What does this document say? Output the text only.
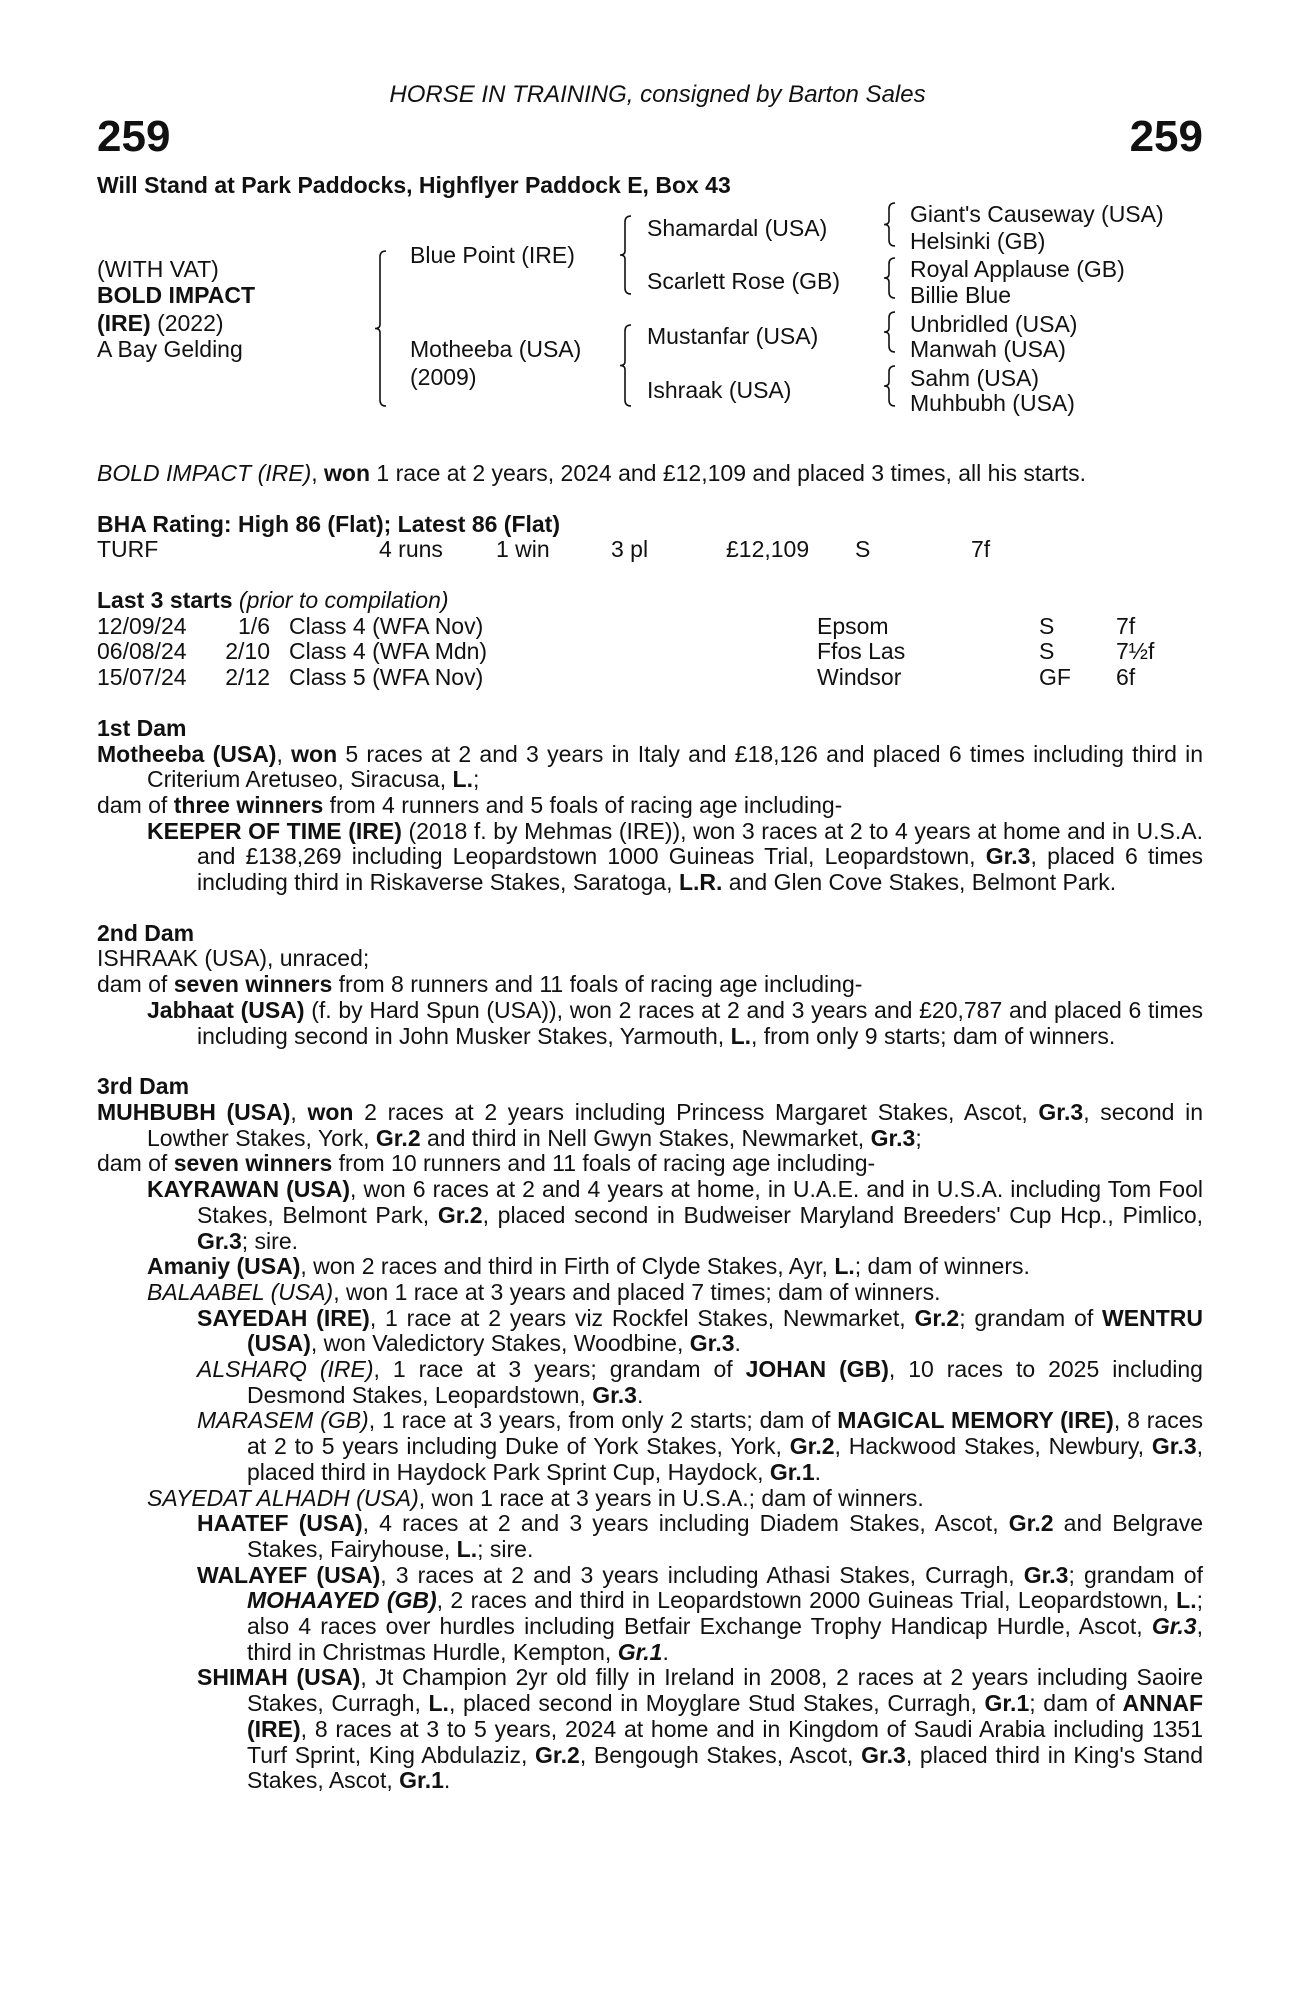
HORSE IN TRAINING, consigned by Barton Sales
259	259
Will Stand at Park Paddocks, Highflyer Paddock E, Box 43
(WITH VAT)
BOLD IMPACT
(IRE) (2022)
A Bay Gelding
Blue Point (IRE)
Motheeba (USA)
(2009)
Shamardal (USA)
Scarlett Rose (GB)
Mustanfar (USA)
Ishraak (USA)
Giant's Causeway (USA)
Helsinki (GB)
Royal Applause (GB)
Billie Blue
Unbridled (USA)
Manwah (USA)
Sahm (USA)
Muhbubh (USA)
BOLD IMPACT (IRE), won 1 race at 2 years, 2024 and £12,109 and placed 3 times, all his starts.
BHA Rating: High 86 (Flat); Latest 86 (Flat)
TURF	4 runs 1 win	3 pl	£12,109 S	7f
Last 3 starts (prior to compilation)
12/09/24 1/6 Class 4 (WFA Nov)	Epsom	S	7f
06/08/24 2/10 Class 4 (WFA Mdn)	Ffos Las	S	7½f
15/07/24 2/12 Class 5 (WFA Nov)	Windsor	GF 6f
1st Dam
Motheeba (USA), won 5 races at 2 and 3 years in Italy and £18,126 and placed 6 times including third in Criterium Aretuseo, Siracusa, L.;
dam of three winners from 4 runners and 5 foals of racing age including-
KEEPER OF TIME (IRE) (2018 f. by Mehmas (IRE)), won 3 races at 2 to 4 years at home and in U.S.A. and £138,269 including Leopardstown 1000 Guineas Trial, Leopardstown, Gr.3, placed 6 times including third in Riskaverse Stakes, Saratoga, L.R. and Glen Cove Stakes, Belmont Park.
2nd Dam
ISHRAAK (USA), unraced;
dam of seven winners from 8 runners and 11 foals of racing age including-
Jabhaat (USA) (f. by Hard Spun (USA)), won 2 races at 2 and 3 years and £20,787 and placed 6 times including second in John Musker Stakes, Yarmouth, L., from only 9 starts; dam of winners.
3rd Dam
MUHBUBH (USA), won 2 races at 2 years including Princess Margaret Stakes, Ascot, Gr.3, second in Lowther Stakes, York, Gr.2 and third in Nell Gwyn Stakes, Newmarket, Gr.3;
dam of seven winners from 10 runners and 11 foals of racing age including-
KAYRAWAN (USA), won 6 races at 2 and 4 years at home, in U.A.E. and in U.S.A. including Tom Fool Stakes, Belmont Park, Gr.2, placed second in Budweiser Maryland Breeders' Cup Hcp., Pimlico, Gr.3; sire.
Amaniy (USA), won 2 races and third in Firth of Clyde Stakes, Ayr, L.; dam of winners.
BALAABEL (USA), won 1 race at 3 years and placed 7 times; dam of winners.
SAYEDAH (IRE), 1 race at 2 years viz Rockfel Stakes, Newmarket, Gr.2; grandam of WENTRU (USA), won Valedictory Stakes, Woodbine, Gr.3.
ALSHARQ (IRE), 1 race at 3 years; grandam of JOHAN (GB), 10 races to 2025 including Desmond Stakes, Leopardstown, Gr.3.
MARASEM (GB), 1 race at 3 years, from only 2 starts; dam of MAGICAL MEMORY (IRE), 8 races at 2 to 5 years including Duke of York Stakes, York, Gr.2, Hackwood Stakes, Newbury, Gr.3, placed third in Haydock Park Sprint Cup, Haydock, Gr.1.
SAYEDAT ALHADH (USA), won 1 race at 3 years in U.S.A.; dam of winners.
HAATEF (USA), 4 races at 2 and 3 years including Diadem Stakes, Ascot, Gr.2 and Belgrave Stakes, Fairyhouse, L.; sire.
WALAYEF (USA), 3 races at 2 and 3 years including Athasi Stakes, Curragh, Gr.3; grandam of MOHAAYED (GB), 2 races and third in Leopardstown 2000 Guineas Trial, Leopardstown, L.; also 4 races over hurdles including Betfair Exchange Trophy Handicap Hurdle, Ascot, Gr.3, third in Christmas Hurdle, Kempton, Gr.1.
SHIMAH (USA), Jt Champion 2yr old filly in Ireland in 2008, 2 races at 2 years including Saoire Stakes, Curragh, L., placed second in Moyglare Stud Stakes, Curragh, Gr.1; dam of ANNAF (IRE), 8 races at 3 to 5 years, 2024 at home and in Kingdom of Saudi Arabia including 1351 Turf Sprint, King Abdulaziz, Gr.2, Bengough Stakes, Ascot, Gr.3, placed third in King's Stand Stakes, Ascot, Gr.1.
